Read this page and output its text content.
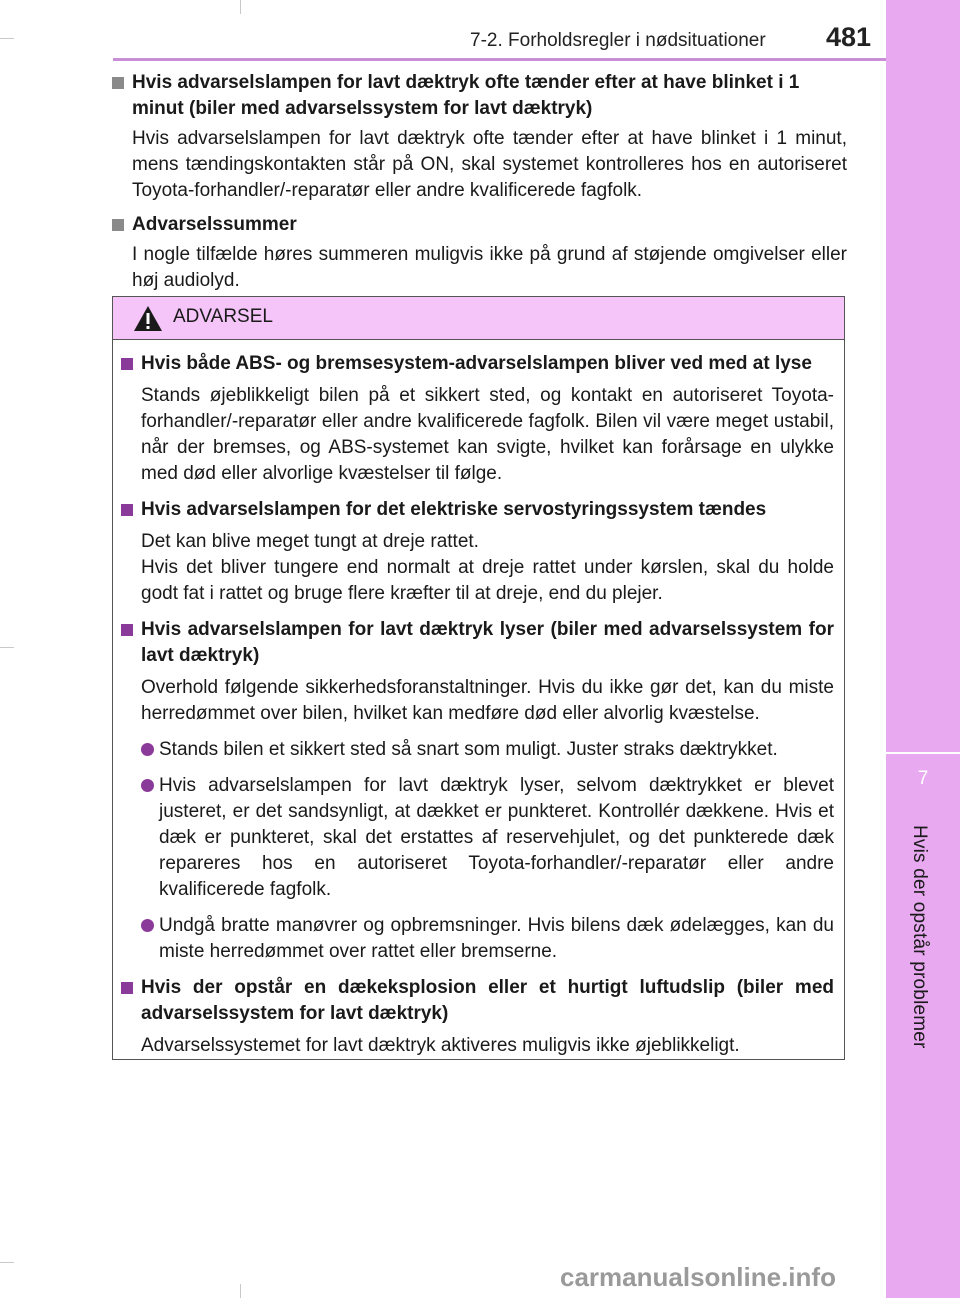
7-2. Forholdsregler i nødsituationer 481
7
Hvis der opstår problemer
Hvis advarselslampen for lavt dæktryk ofte tænder efter at have blinket i 1 minut (biler med advarselssystem for lavt dæktryk)
Hvis advarselslampen for lavt dæktryk ofte tænder efter at have blinket i 1 minut, mens tændingskontakten står på ON, skal systemet kontrolleres hos en autoriseret Toyota-forhandler/-reparatør eller andre kvalificerede fagfolk.
Advarselssummer
I nogle tilfælde høres summeren muligvis ikke på grund af støjende omgivelser eller høj audiolyd.
ADVARSEL
Hvis både ABS- og bremsesystem-advarselslampen bliver ved med at lyse
Stands øjeblikkeligt bilen på et sikkert sted, og kontakt en autoriseret Toyota-forhandler/-reparatør eller andre kvalificerede fagfolk. Bilen vil være meget ustabil, når der bremses, og ABS-systemet kan svigte, hvilket kan forårsage en ulykke med død eller alvorlige kvæstelser til følge.
Hvis advarselslampen for det elektriske servostyringssystem tændes
Det kan blive meget tungt at dreje rattet.
Hvis det bliver tungere end normalt at dreje rattet under kørslen, skal du holde godt fat i rattet og bruge flere kræfter til at dreje, end du plejer.
Hvis advarselslampen for lavt dæktryk lyser (biler med advarselssystem for lavt dæktryk)
Overhold følgende sikkerhedsforanstaltninger. Hvis du ikke gør det, kan du miste herredømmet over bilen, hvilket kan medføre død eller alvorlig kvæstelse.
Stands bilen et sikkert sted så snart som muligt. Juster straks dæktrykket.
Hvis advarselslampen for lavt dæktryk lyser, selvom dæktrykket er blevet justeret, er det sandsynligt, at dækket er punkteret. Kontrollér dækkene. Hvis et dæk er punkteret, skal det erstattes af reservehjulet, og det punkterede dæk repareres hos en autoriseret Toyota-forhandler/-reparatør eller andre kvalificerede fagfolk.
Undgå bratte manøvrer og opbremsninger. Hvis bilens dæk ødelægges, kan du miste herredømmet over rattet eller bremserne.
Hvis der opstår en dækeksplosion eller et hurtigt luftudslip (biler med advarselssystem for lavt dæktryk)
Advarselssystemet for lavt dæktryk aktiveres muligvis ikke øjeblikkeligt.
carmanualsonline.info
